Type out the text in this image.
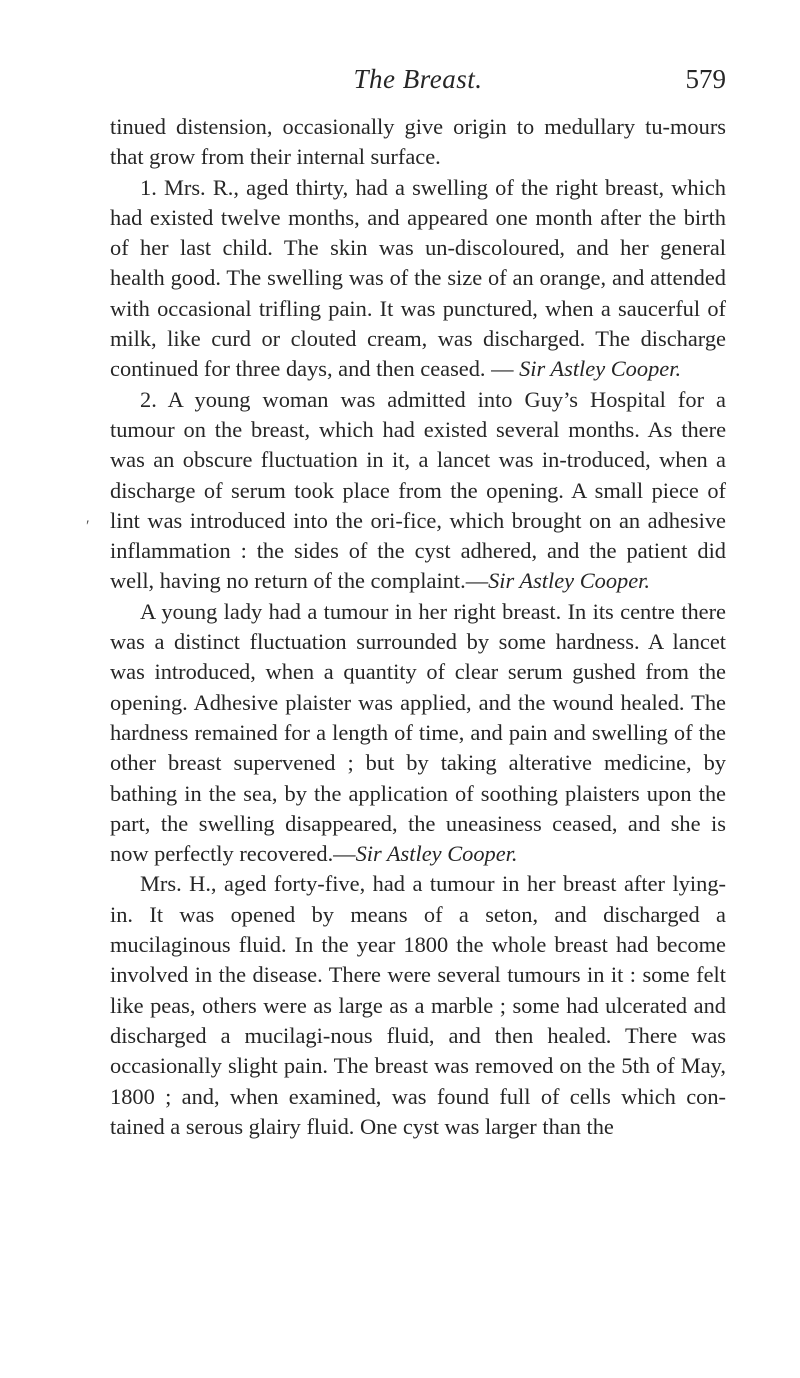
The Breast.	579
′

tinued distension, occasionally give origin to medullary tu-mours that grow from their internal surface.

1. Mrs. R., aged thirty, had a swelling of the right breast, which had existed twelve months, and appeared one month after the birth of her last child. The skin was un-discoloured, and her general health good. The swelling was of the size of an orange, and attended with occasional trifling pain. It was punctured, when a saucerful of milk, like curd or clouted cream, was discharged. The discharge continued for three days, and then ceased. — Sir Astley Cooper.

2. A young woman was admitted into Guy’s Hospital for a tumour on the breast, which had existed several months. As there was an obscure fluctuation in it, a lancet was in-troduced, when a discharge of serum took place from the opening. A small piece of lint was introduced into the ori-fice, which brought on an adhesive inflammation : the sides of the cyst adhered, and the patient did well, having no return of the complaint.—Sir Astley Cooper.

A young lady had a tumour in her right breast. In its centre there was a distinct fluctuation surrounded by some hardness. A lancet was introduced, when a quantity of clear serum gushed from the opening. Adhesive plaister was applied, and the wound healed. The hardness remained for a length of time, and pain and swelling of the other breast supervened ; but by taking alterative medicine, by bathing in the sea, by the application of soothing plaisters upon the part, the swelling disappeared, the uneasiness ceased, and she is now perfectly recovered.—Sir Astley Cooper.

Mrs. H., aged forty-five, had a tumour in her breast after lying-in. It was opened by means of a seton, and discharged a mucilaginous fluid. In the year 1800 the whole breast had become involved in the disease. There were several tumours in it : some felt like peas, others were as large as a marble ; some had ulcerated and discharged a mucilagi-nous fluid, and then healed. There was occasionally slight pain. The breast was removed on the 5th of May, 1800 ; and, when examined, was found full of cells which con-tained a serous glairy fluid. One cyst was larger than the
